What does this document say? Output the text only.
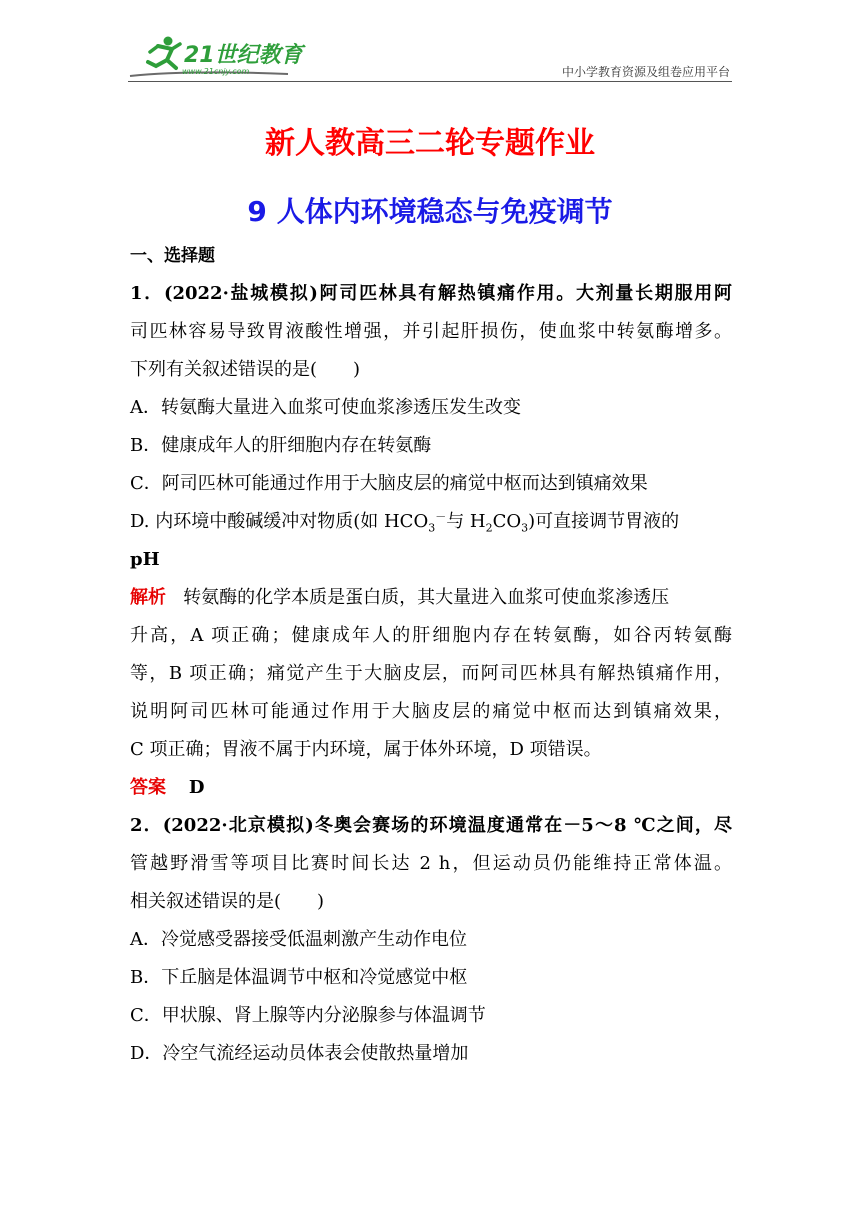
21世纪教育
www.21cnjy.com	中小学教育资源及组卷应用平台
新人教高三二轮专题作业
9 人体内环境稳态与免疫调节
一、选择题
1．(2022·盐城模拟)阿司匹林具有解热镇痛作用。大剂量长期服用阿
司匹林容易导致胃液酸性增强，并引起肝损伤，使血浆中转氨酶增多。
下列有关叙述错误的是(　　)
A．转氨酶大量进入血浆可使血浆渗透压发生改变
B．健康成年人的肝细胞内存在转氨酶
C．阿司匹林可能通过作用于大脑皮层的痛觉中枢而达到镇痛效果
D. 内环境中酸碱缓冲对物质(如 $HCO_3^-$与 $H_2CO_3$)可直接调节胃液的
pH
解析 转氨酶的化学本质是蛋白质，其大量进入血浆可使血浆渗透压
升高，A 项正确；健康成年人的肝细胞内存在转氨酶，如谷丙转氨酶
等，B 项正确；痛觉产生于大脑皮层，而阿司匹林具有解热镇痛作用，
说明阿司匹林可能通过作用于大脑皮层的痛觉中枢而达到镇痛效果，
C 项正确；胃液不属于内环境，属于体外环境，D 项错误。
答案 D
2．(2022·北京模拟)冬奥会赛场的环境温度通常在－5～8 ℃之间，尽
管越野滑雪等项目比赛时间长达 2 h，但运动员仍能维持正常体温。
相关叙述错误的是(　　)
A．冷觉感受器接受低温刺激产生动作电位
B．下丘脑是体温调节中枢和冷觉感觉中枢
C．甲状腺、肾上腺等内分泌腺参与体温调节
D．冷空气流经运动员体表会使散热量增加
